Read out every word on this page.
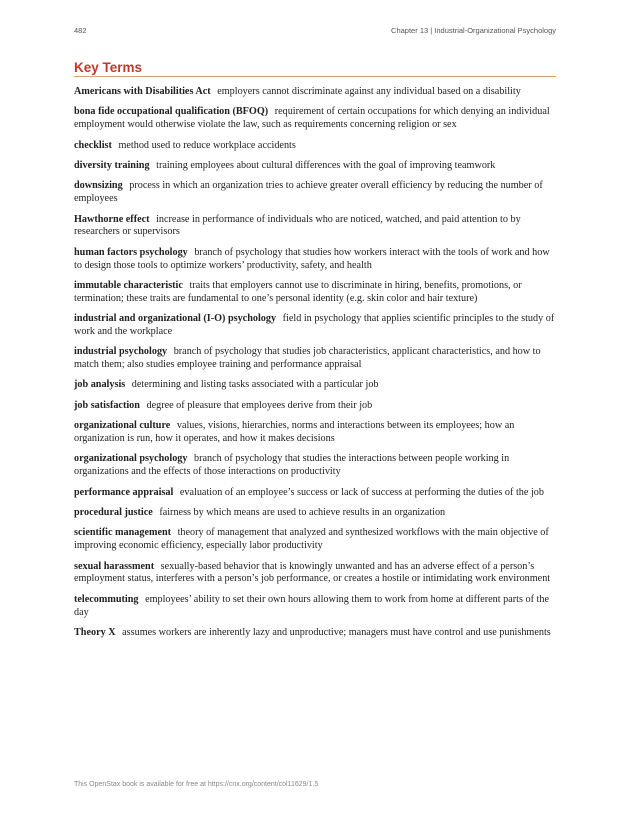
482	Chapter 13 | Industrial-Organizational Psychology
Key Terms

Americans with Disabilities Act employers cannot discriminate against any individual based on a disability

bona fide occupational qualification (BFOQ) requirement of certain occupations for which denying an individual employment would otherwise violate the law, such as requirements concerning religion or sex

checklist method used to reduce workplace accidents

diversity training training employees about cultural differences with the goal of improving teamwork

downsizing process in which an organization tries to achieve greater overall efficiency by reducing the number of employees

Hawthorne effect increase in performance of individuals who are noticed, watched, and paid attention to by researchers or supervisors

human factors psychology branch of psychology that studies how workers interact with the tools of work and how to design those tools to optimize workers’ productivity, safety, and health

immutable characteristic traits that employers cannot use to discriminate in hiring, benefits, promotions, or termination; these traits are fundamental to one’s personal identity (e.g. skin color and hair texture)

industrial and organizational (I-O) psychology field in psychology that applies scientific principles to the study of work and the workplace

industrial psychology branch of psychology that studies job characteristics, applicant characteristics, and how to match them; also studies employee training and performance appraisal

job analysis determining and listing tasks associated with a particular job

job satisfaction degree of pleasure that employees derive from their job

organizational culture values, visions, hierarchies, norms and interactions between its employees; how an organization is run, how it operates, and how it makes decisions

organizational psychology branch of psychology that studies the interactions between people working in organizations and the effects of those interactions on productivity

performance appraisal evaluation of an employee’s success or lack of success at performing the duties of the job

procedural justice fairness by which means are used to achieve results in an organization

scientific management theory of management that analyzed and synthesized workflows with the main objective of improving economic efficiency, especially labor productivity

sexual harassment sexually-based behavior that is knowingly unwanted and has an adverse effect of a person’s employment status, interferes with a person’s job performance, or creates a hostile or intimidating work environment

telecommuting employees’ ability to set their own hours allowing them to work from home at different parts of the day

Theory X assumes workers are inherently lazy and unproductive; managers must have control and use punishments

This OpenStax book is available for free at https://cnx.org/content/col11629/1.5
